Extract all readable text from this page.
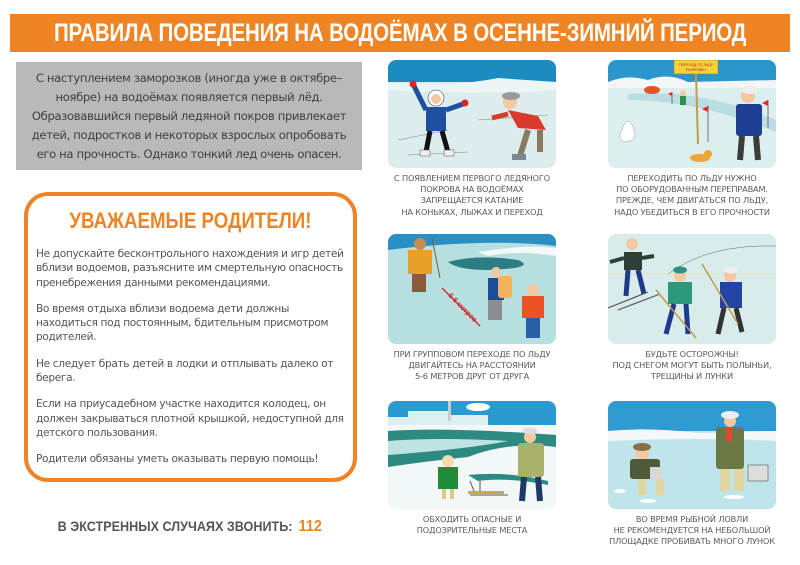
ПРАВИЛА ПОВЕДЕНИЯ НА ВОДОЁМАХ В ОСЕННЕ-ЗИМНИЙ ПЕРИОД

С наступлением заморозков (иногда уже в октябре–ноябре) на водоёмах появляется первый лёд. Образовавшийся первый ледяной покров привлекает детей, подростков и некоторых взрослых опробовать его на прочность. Однако тонкий лед очень опасен.

УВАЖАЕМЫЕ РОДИТЕЛИ!

Не допускайте бесконтрольного нахождения и игр детей вблизи водоемов, разъясните им смертельную опасность пренебрежения данными рекомендациями.

Во время отдыха вблизи водоема дети должны находиться под постоянным, бдительным присмотром родителей.

Не следует брать детей в лодки и отплывать далеко от берега.

Если на приусадебном участке находится колодец, он должен закрываться плотной крышкой, недоступной для детского пользования.

Родители обязаны уметь оказывать первую помощь!

В ЭКСТРЕННЫХ СЛУЧАЯХ ЗВОНИТЬ: 112
С ПОЯВЛЕНИЕМ ПЕРВОГО ЛЕДЯНОГО
ПОКРОВА НА ВОДОЁМАХ
ЗАПРЕЩАЕТСЯ КАТАНИЕ
НА КОНЬКАХ, ЛЫЖАХ И ПЕРЕХОД
ПЕРЕХОД ПО ЛЬДУ
РАЗРЕШЕН
ПЕРЕХОДИТЬ ПО ЛЬДУ НУЖНО
ПО ОБОРУДОВАННЫМ ПЕРЕПРАВАМ.
ПРЕЖДЕ, ЧЕМ ДВИГАТЬСЯ ПО ЛЬДУ,
НАДО УБЕДИТЬСЯ В ЕГО ПРОЧНОСТИ
5-6 метров
ПРИ ГРУППОВОМ ПЕРЕХОДЕ ПО ЛЬДУ
ДВИГАЙТЕСЬ НА РАССТОЯНИИ
5-6 МЕТРОВ ДРУГ ОТ ДРУГА
БУДЬТЕ ОСТОРОЖНЫ!
ПОД СНЕГОМ МОГУТ БЫТЬ ПОЛЫНЬИ,
ТРЕЩИНЫ И ЛУНКИ
ОБХОДИТЬ ОПАСНЫЕ И
ПОДОЗРИТЕЛЬНЫЕ МЕСТА
ВО ВРЕМЯ РЫБНОЙ ЛОВЛИ
НЕ РЕКОМЕНДУЕТСЯ НА НЕБОЛЬШОЙ
ПЛОЩАДКЕ ПРОБИВАТЬ МНОГО ЛУНОК
